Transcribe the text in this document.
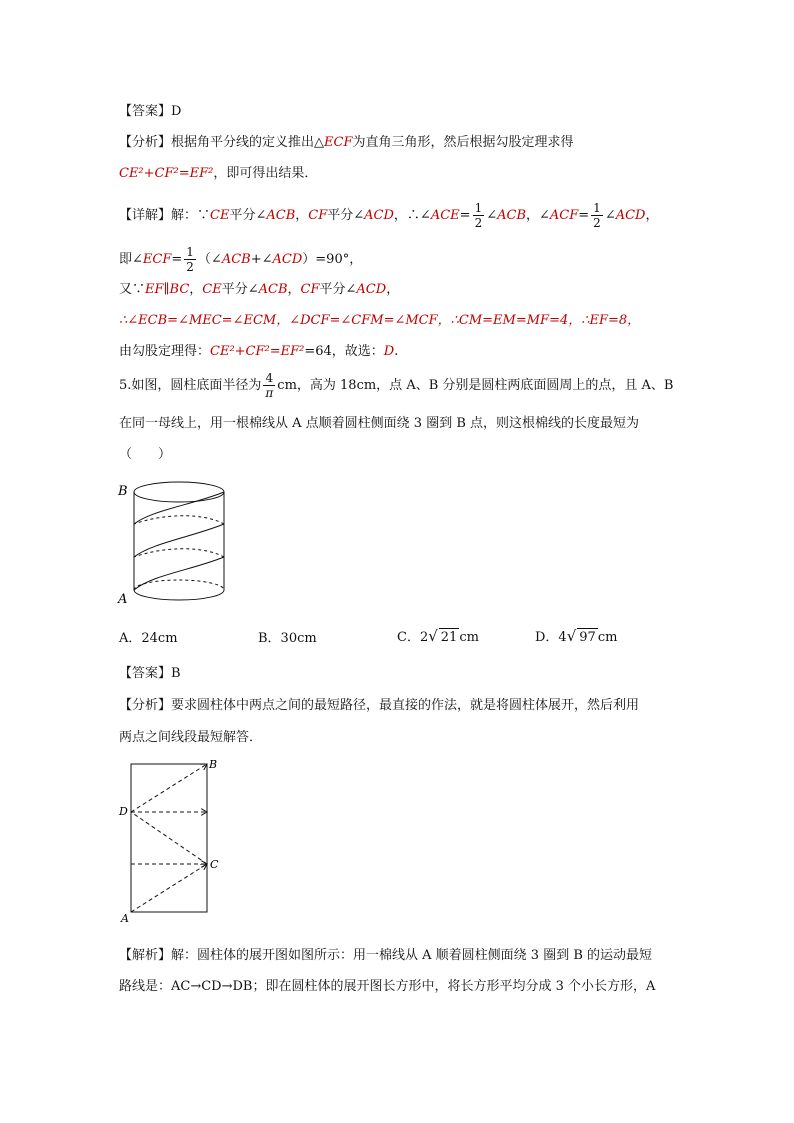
【答案】D
【分析】根据角平分线的定义推出△ECF为直角三角形，然后根据勾股定理求得
CE²+CF²=EF²，即可得出结果．
【详解】解：∵CE平分∠ACB，CF平分∠ACD，∴∠ACE= $\frac{1}{2}$ ∠ACB，∠ACF= $\frac{1}{2}$ ∠ACD，
即∠ECF= $\frac{1}{2}$ （∠ACB+∠ACD）=90°，
又∵EF∥BC，CE平分∠ACB，CF平分∠ACD，
∴∠ECB=∠MEC=∠ECM，∠DCF=∠CFM=∠MCF，∴CM=EM=MF=4，∴EF=8，
由勾股定理得：CE²+CF²=EF²=64，故选：D.
5.如图，圆柱底面半径为 $\frac{4}{\pi}$ cm，高为 18cm，点 A、B 分别是圆柱两底面圆周上的点，且 A、B
在同一母线上，用一根棉线从 A 点顺着圆柱侧面绕 3 圈到 B 点，则这根棉线的长度最短为
（　　）
B
A
A．24cm	B．30cm	C．2√ 21 cm	D．4√ 97 cm
【答案】B
【分析】要求圆柱体中两点之间的最短路径，最直接的作法，就是将圆柱体展开，然后利用
两点之间线段最短解答．
B
D
C
A
【解析】解：圆柱体的展开图如图所示：用一棉线从 A 顺着圆柱侧面绕 3 圈到 B 的运动最短
路线是：AC→CD→DB；即在圆柱体的展开图长方形中，将长方形平均分成 3 个小长方形，A
